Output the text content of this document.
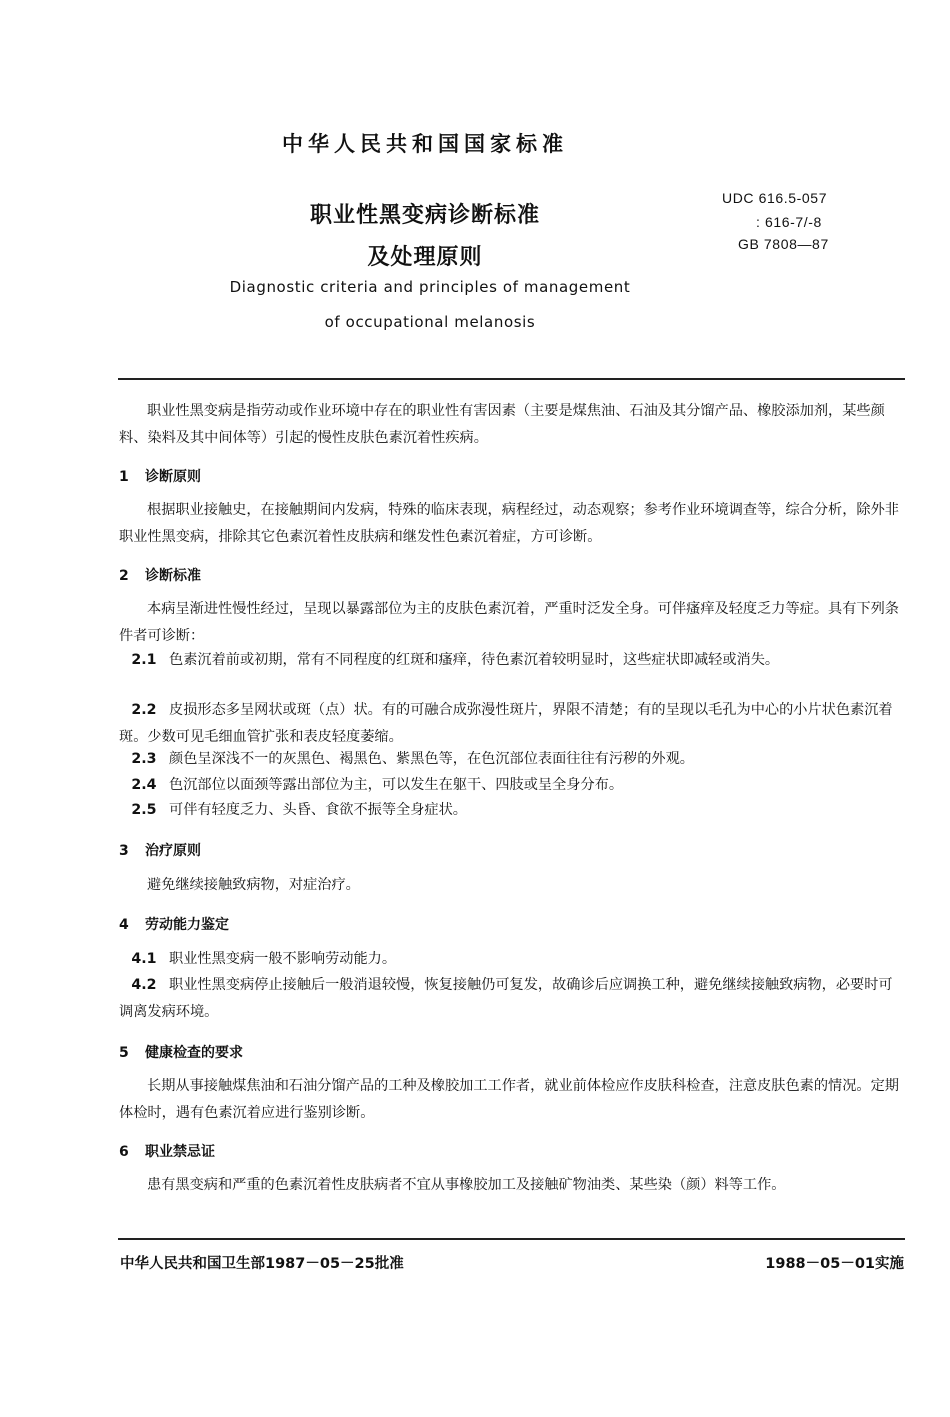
中华人民共和国国家标准
职业性黑变病诊断标准
及处理原则
Diagnostic criteria and principles of management
of occupational melanosis
UDC 616.5-057
: 616-7/-8
GB 7808—87
职业性黑变病是指劳动或作业环境中存在的职业性有害因素（主要是煤焦油、石油及其分馏产品、橡胶添加剂，某些颜料、染料及其中间体等）引起的慢性皮肤色素沉着性疾病。
1 诊断原则
根据职业接触史，在接触期间内发病，特殊的临床表现，病程经过，动态观察；参考作业环境调查等，综合分析，除外非职业性黑变病，排除其它色素沉着性皮肤病和继发性色素沉着症，方可诊断。
2 诊断标准
本病呈渐进性慢性经过，呈现以暴露部位为主的皮肤色素沉着，严重时泛发全身。可伴瘙痒及轻度乏力等症。具有下列条件者可诊断：
2.1 色素沉着前或初期，常有不同程度的红斑和瘙痒，待色素沉着较明显时，这些症状即减轻或消失。
2.2 皮损形态多呈网状或斑（点）状。有的可融合成弥漫性斑片，界限不清楚；有的呈现以毛孔为中心的小片状色素沉着斑。少数可见毛细血管扩张和表皮轻度萎缩。
2.3 颜色呈深浅不一的灰黑色、褐黑色、紫黑色等，在色沉部位表面往往有污秽的外观。
2.4 色沉部位以面颈等露出部位为主，可以发生在躯干、四肢或呈全身分布。
2.5 可伴有轻度乏力、头昏、食欲不振等全身症状。
3 治疗原则
避免继续接触致病物，对症治疗。
4 劳动能力鉴定
4.1 职业性黑变病一般不影响劳动能力。
4.2 职业性黑变病停止接触后一般消退较慢，恢复接触仍可复发，故确诊后应调换工种，避免继续接触致病物，必要时可调离发病环境。
5 健康检查的要求
长期从事接触煤焦油和石油分馏产品的工种及橡胶加工工作者，就业前体检应作皮肤科检查，注意皮肤色素的情况。定期体检时，遇有色素沉着应进行鉴别诊断。
6 职业禁忌证
患有黑变病和严重的色素沉着性皮肤病者不宜从事橡胶加工及接触矿物油类、某些染（颜）料等工作。
中华人民共和国卫生部1987－05－25批准	1988－05－01实施
